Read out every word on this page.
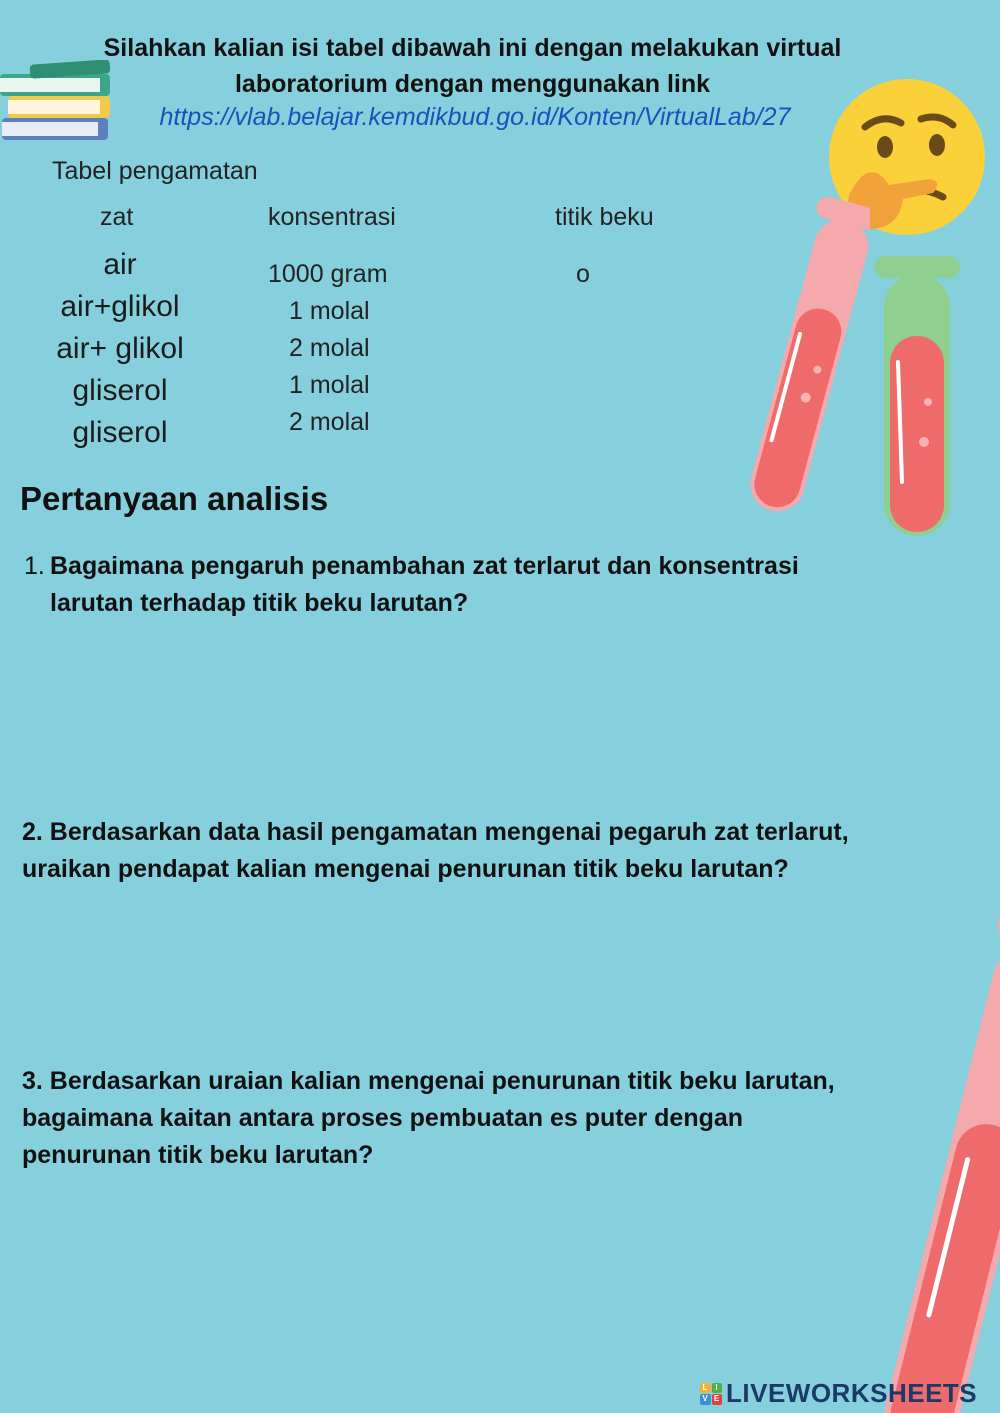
Silahkan kalian isi tabel dibawah ini dengan melakukan virtual
laboratorium dengan menggunakan link
https://vlab.belajar.kemdikbud.go.id/Konten/VirtualLab/27
Tabel pengamatan
zat	konsentrasi	titik beku
air
air+glikol
air+ glikol
gliserol
gliserol
1000 gram
1 molal
2 molal
1 molal
2 molal
o
Pertanyaan analisis
1. Bagaimana pengaruh penambahan zat terlarut dan konsentrasi
larutan terhadap titik beku larutan?
2. Berdasarkan data hasil pengamatan mengenai pegaruh zat terlarut,
uraikan pendapat kalian mengenai penurunan titik beku larutan?
3. Berdasarkan uraian kalian mengenai penurunan titik beku larutan,
bagaimana kaitan antara proses pembuatan es puter dengan
penurunan titik beku larutan?
L I
V E LIVEWORKSHEETS
